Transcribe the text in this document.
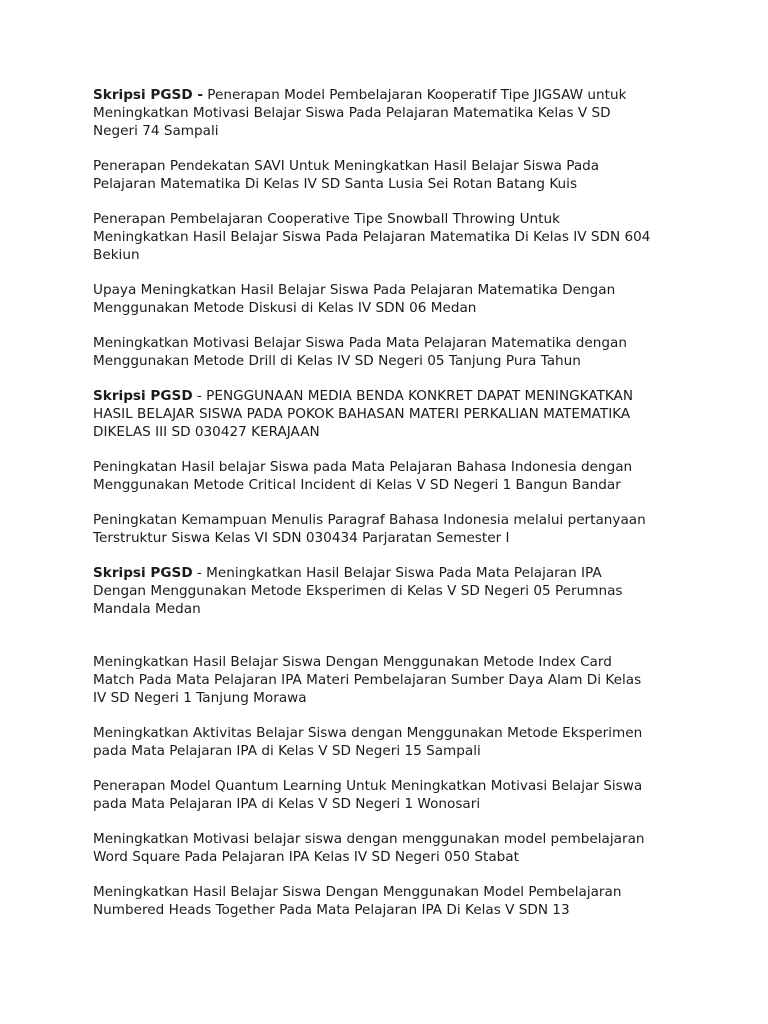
Skripsi PGSD - Penerapan Model Pembelajaran Kooperatif Tipe JIGSAW untuk
Meningkatkan Motivasi Belajar Siswa Pada Pelajaran Matematika Kelas V SD
Negeri 74 Sampali

Penerapan Pendekatan SAVI Untuk Meningkatkan Hasil Belajar Siswa Pada
Pelajaran Matematika Di Kelas IV SD Santa Lusia Sei Rotan Batang Kuis

Penerapan Pembelajaran Cooperative Tipe Snowball Throwing Untuk
Meningkatkan Hasil Belajar Siswa Pada Pelajaran Matematika Di Kelas IV SDN 604
Bekiun

Upaya Meningkatkan Hasil Belajar Siswa Pada Pelajaran Matematika Dengan
Menggunakan Metode Diskusi di Kelas IV SDN 06 Medan

Meningkatkan Motivasi Belajar Siswa Pada Mata Pelajaran Matematika dengan
Menggunakan Metode Drill di Kelas IV SD Negeri 05 Tanjung Pura Tahun

Skripsi PGSD - PENGGUNAAN MEDIA BENDA KONKRET DAPAT MENINGKATKAN
HASIL BELAJAR SISWA PADA POKOK BAHASAN MATERI PERKALIAN MATEMATIKA
DIKELAS III SD 030427 KERAJAAN

Peningkatan Hasil belajar Siswa pada Mata Pelajaran Bahasa Indonesia dengan
Menggunakan Metode Critical Incident di Kelas V SD Negeri 1 Bangun Bandar

Peningkatan Kemampuan Menulis Paragraf Bahasa Indonesia melalui pertanyaan
Terstruktur Siswa Kelas VI SDN 030434 Parjaratan Semester I

Skripsi PGSD - Meningkatkan Hasil Belajar Siswa Pada Mata Pelajaran IPA
Dengan Menggunakan Metode Eksperimen di Kelas V SD Negeri 05 Perumnas
Mandala Medan

Meningkatkan Hasil Belajar Siswa Dengan Menggunakan Metode Index Card
Match Pada Mata Pelajaran IPA Materi Pembelajaran Sumber Daya Alam Di Kelas
IV SD Negeri 1 Tanjung Morawa

Meningkatkan Aktivitas Belajar Siswa dengan Menggunakan Metode Eksperimen
pada Mata Pelajaran IPA di Kelas V SD Negeri 15 Sampali

Penerapan Model Quantum Learning Untuk Meningkatkan Motivasi Belajar Siswa
pada Mata Pelajaran IPA di Kelas V SD Negeri 1 Wonosari

Meningkatkan Motivasi belajar siswa dengan menggunakan model pembelajaran
Word Square Pada Pelajaran IPA Kelas IV SD Negeri 050 Stabat

Meningkatkan Hasil Belajar Siswa Dengan Menggunakan Model Pembelajaran
Numbered Heads Together Pada Mata Pelajaran IPA Di Kelas V SDN 13
